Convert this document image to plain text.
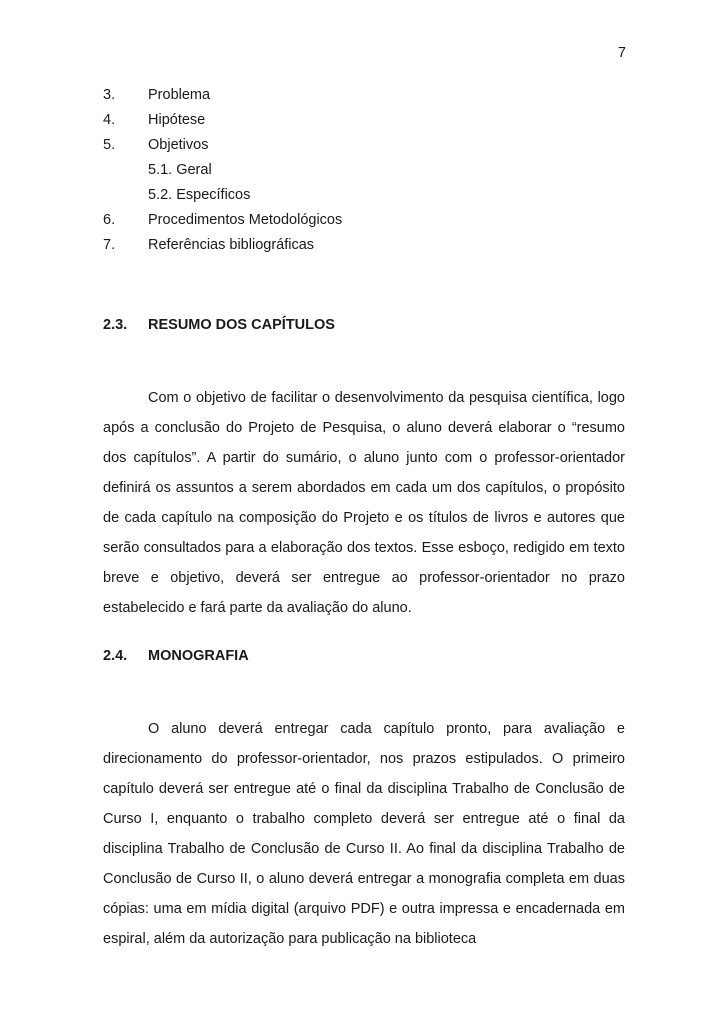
7
3. Problema
4. Hipótese
5. Objetivos
5.1. Geral
5.2. Específicos
6. Procedimentos Metodológicos
7. Referências bibliográficas
2.3. RESUMO DOS CAPÍTULOS

Com o objetivo de facilitar o desenvolvimento da pesquisa científica, logo após a conclusão do Projeto de Pesquisa, o aluno deverá elaborar o “resumo dos capítulos”. A partir do sumário, o aluno junto com o professor-orientador definirá os assuntos a serem abordados em cada um dos capítulos, o propósito de cada capítulo na composição do Projeto e os títulos de livros e autores que serão consultados para a elaboração dos textos. Esse esboço, redigido em texto breve e objetivo, deverá ser entregue ao professor-orientador no prazo estabelecido e fará parte da avaliação do aluno.

2.4. MONOGRAFIA

O aluno deverá entregar cada capítulo pronto, para avaliação e direcionamento do professor-orientador, nos prazos estipulados. O primeiro capítulo deverá ser entregue até o final da disciplina Trabalho de Conclusão de Curso I, enquanto o trabalho completo deverá ser entregue até o final da disciplina Trabalho de Conclusão de Curso II. Ao final da disciplina Trabalho de Conclusão de Curso II, o aluno deverá entregar a monografia completa em duas cópias: uma em mídia digital (arquivo PDF) e outra impressa e encadernada em espiral, além da autorização para publicação na biblioteca
